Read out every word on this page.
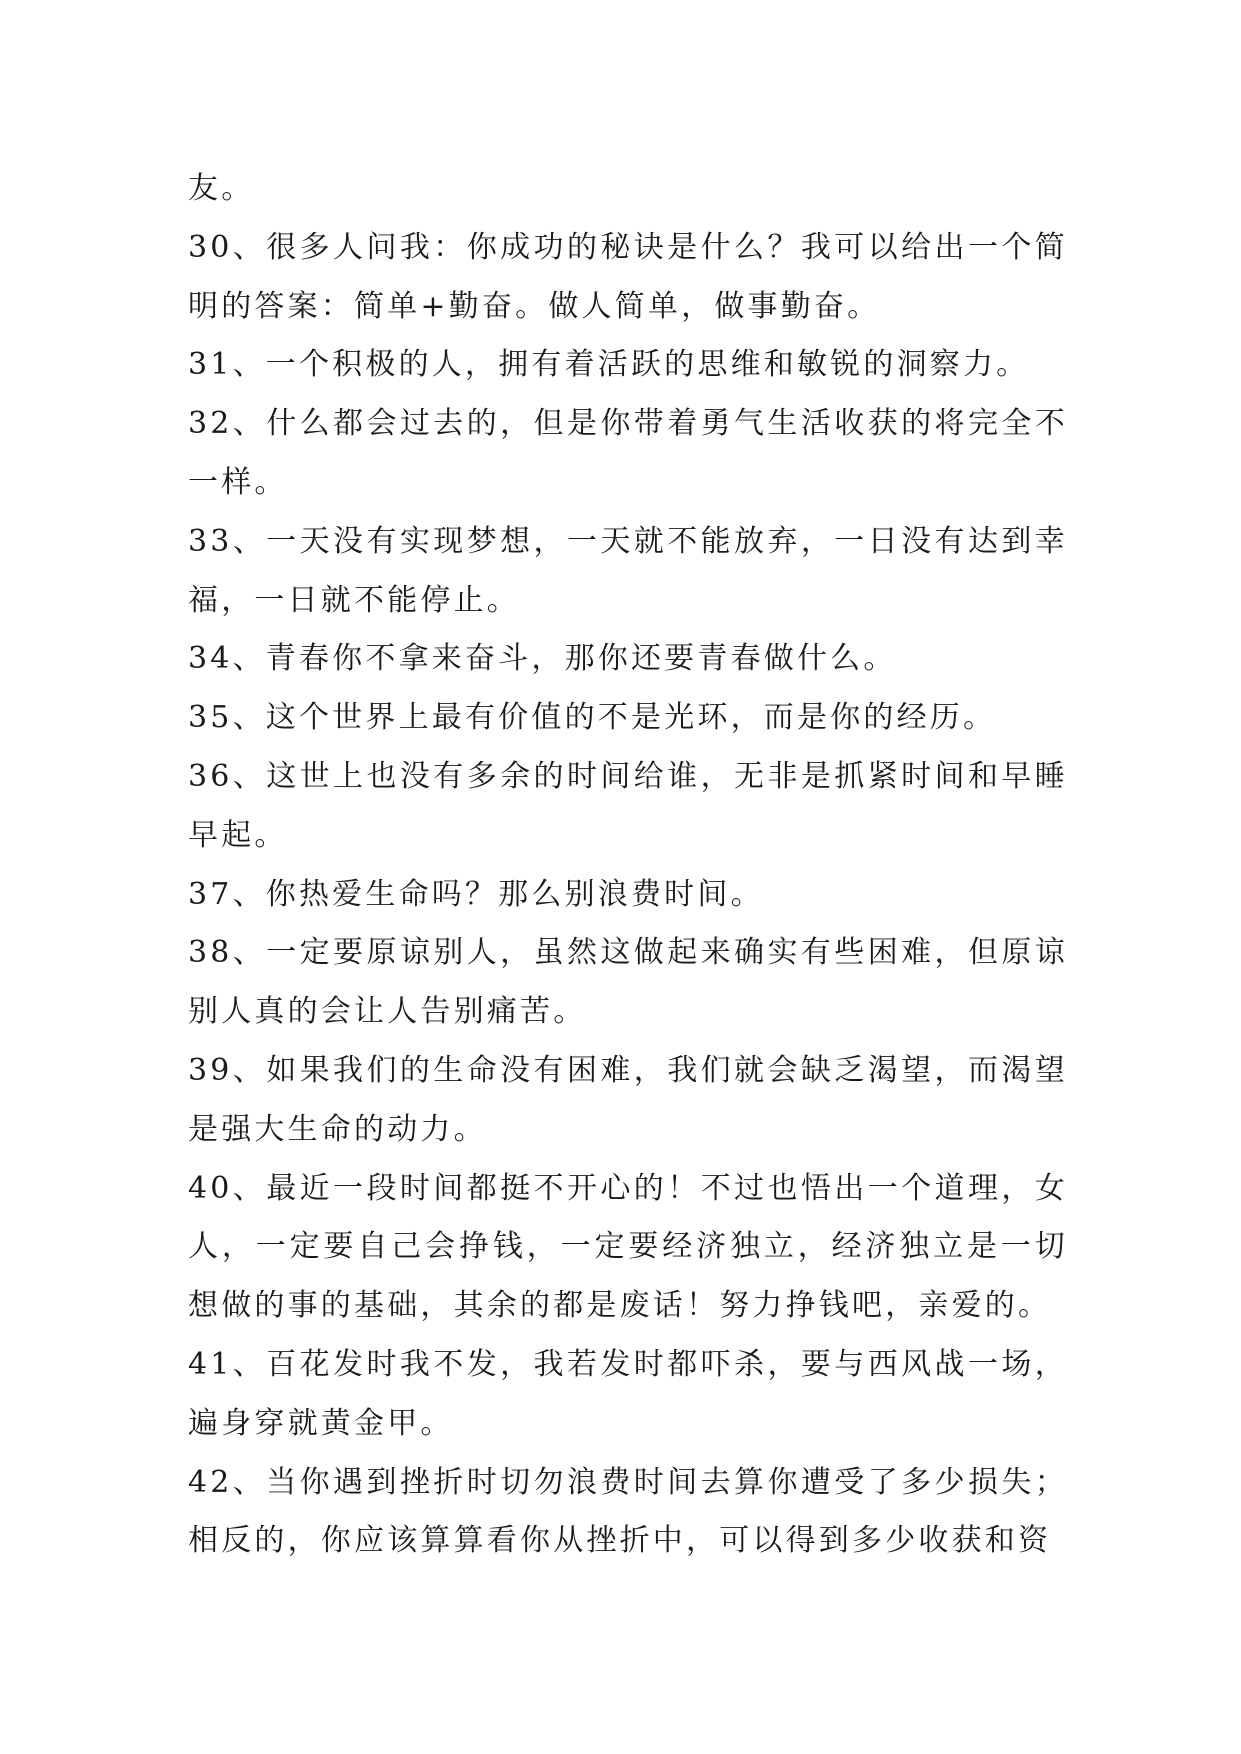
友。

30、很多人问我：你成功的秘诀是什么？我可以给出一个简明的答案：简单+勤奋。做人简单，做事勤奋。

31、一个积极的人，拥有着活跃的思维和敏锐的洞察力。

32、什么都会过去的，但是你带着勇气生活收获的将完全不一样。

33、一天没有实现梦想，一天就不能放弃，一日没有达到幸福，一日就不能停止。

34、青春你不拿来奋斗，那你还要青春做什么。

35、这个世界上最有价值的不是光环，而是你的经历。

36、这世上也没有多余的时间给谁，无非是抓紧时间和早睡早起。

37、你热爱生命吗？那么别浪费时间。

38、一定要原谅别人，虽然这做起来确实有些困难，但原谅别人真的会让人告别痛苦。

39、如果我们的生命没有困难，我们就会缺乏渴望，而渴望是强大生命的动力。

40、最近一段时间都挺不开心的！不过也悟出一个道理，女人，一定要自己会挣钱，一定要经济独立，经济独立是一切想做的事的基础，其余的都是废话！努力挣钱吧，亲爱的。

41、百花发时我不发，我若发时都吓杀，要与西风战一场，遍身穿就黄金甲。

42、当你遇到挫折时切勿浪费时间去算你遭受了多少损失；相反的，你应该算算看你从挫折中，可以得到多少收获和资
